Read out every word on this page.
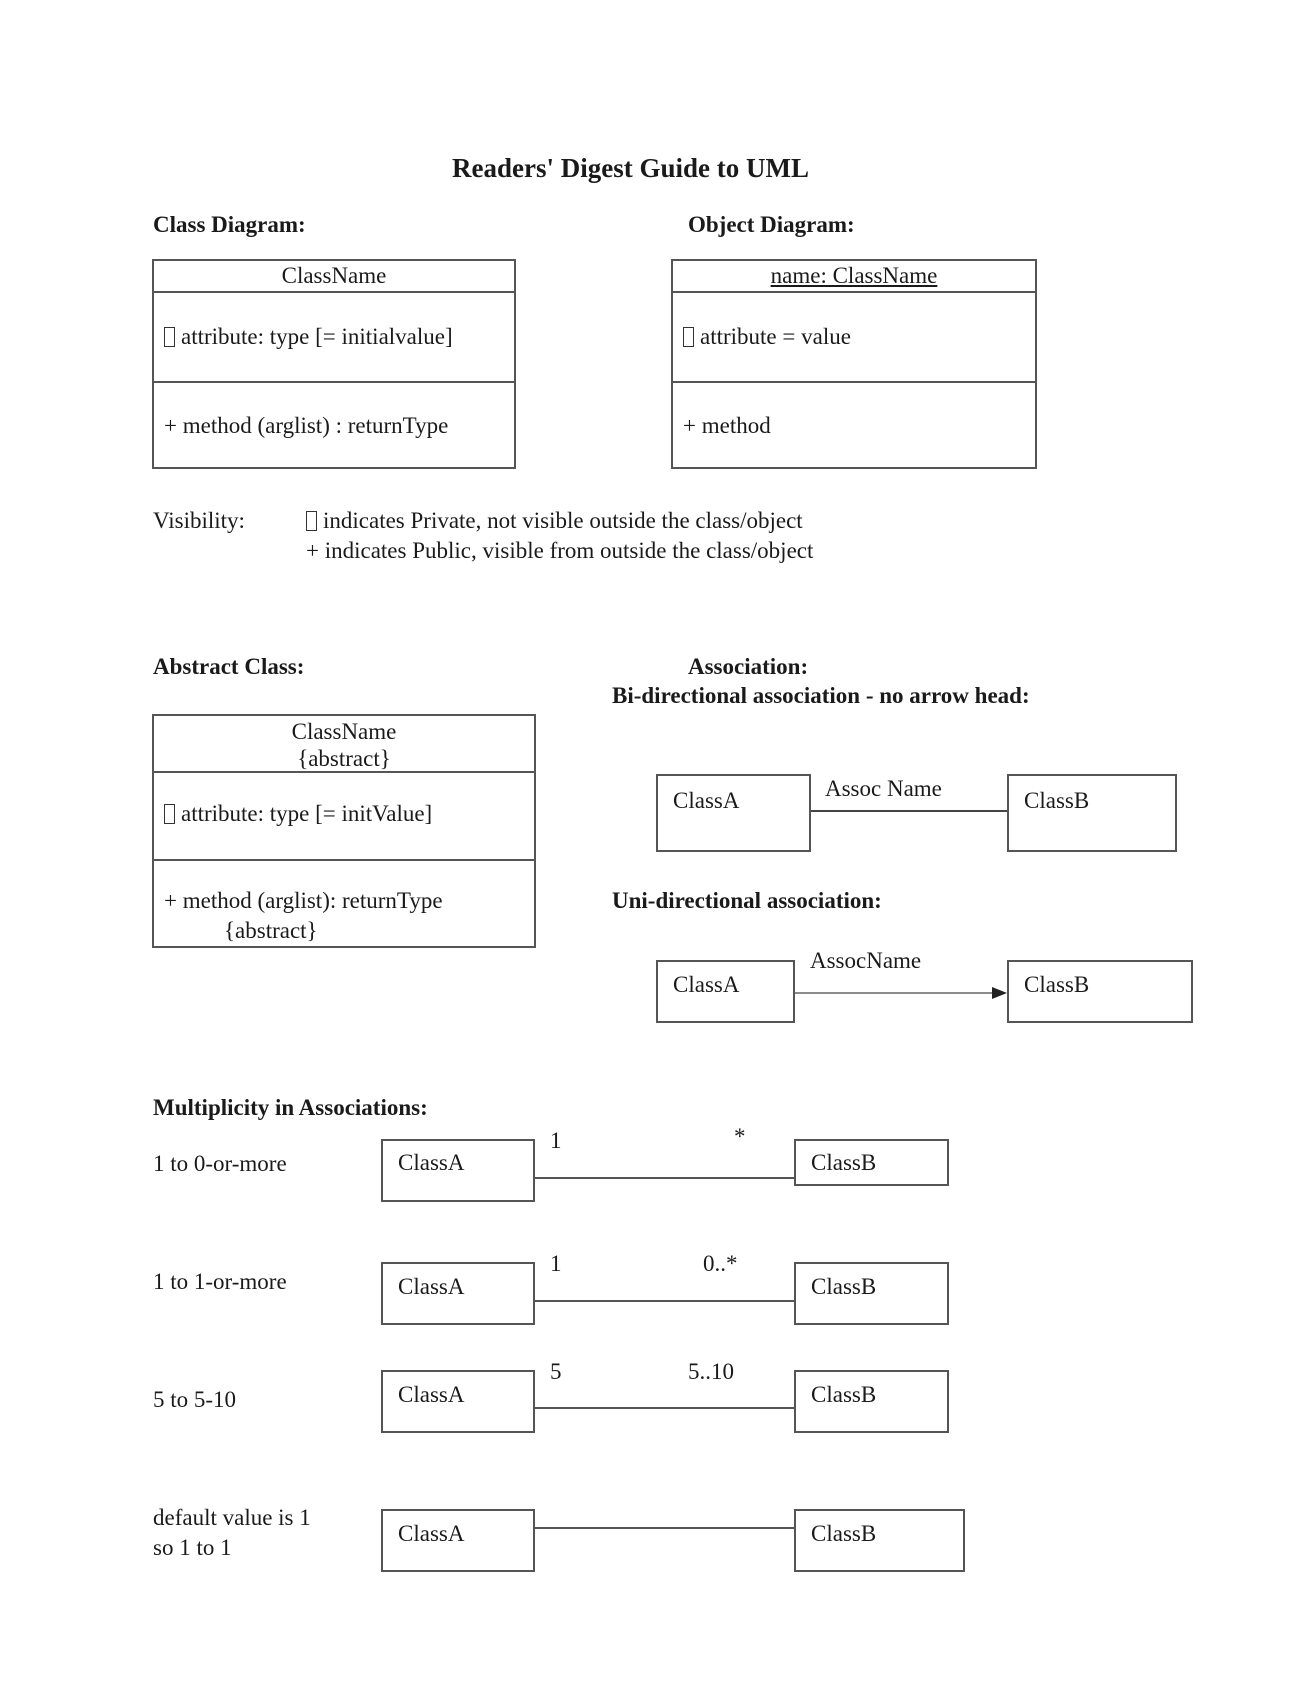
Readers' Digest Guide to UML
Class Diagram:
ClassName
attribute: type [= initialvalue]
+ method (arglist) : returnType
Object Diagram:
name: ClassName
attribute = value
+ method
Visibility:	indicates Private, not visible outside the class/object
+ indicates Public, visible from outside the class/object
Abstract Class:
ClassName
{abstract}
attribute: type [= initValue]
+ method (arglist): returnType
{abstract}
Association:
Bi-directional association - no arrow head:
ClassA	ClassB
Assoc Name
Uni-directional association:
ClassA	ClassB
AssocName
Multiplicity in Associations:
1 to 0-or-more	ClassA	ClassB
1	*
1 to 1-or-more	ClassA	ClassB
1	0..*
5 to 5-10	ClassA	ClassB
5	5..10
default value is 1
so 1 to 1
ClassA	ClassB
